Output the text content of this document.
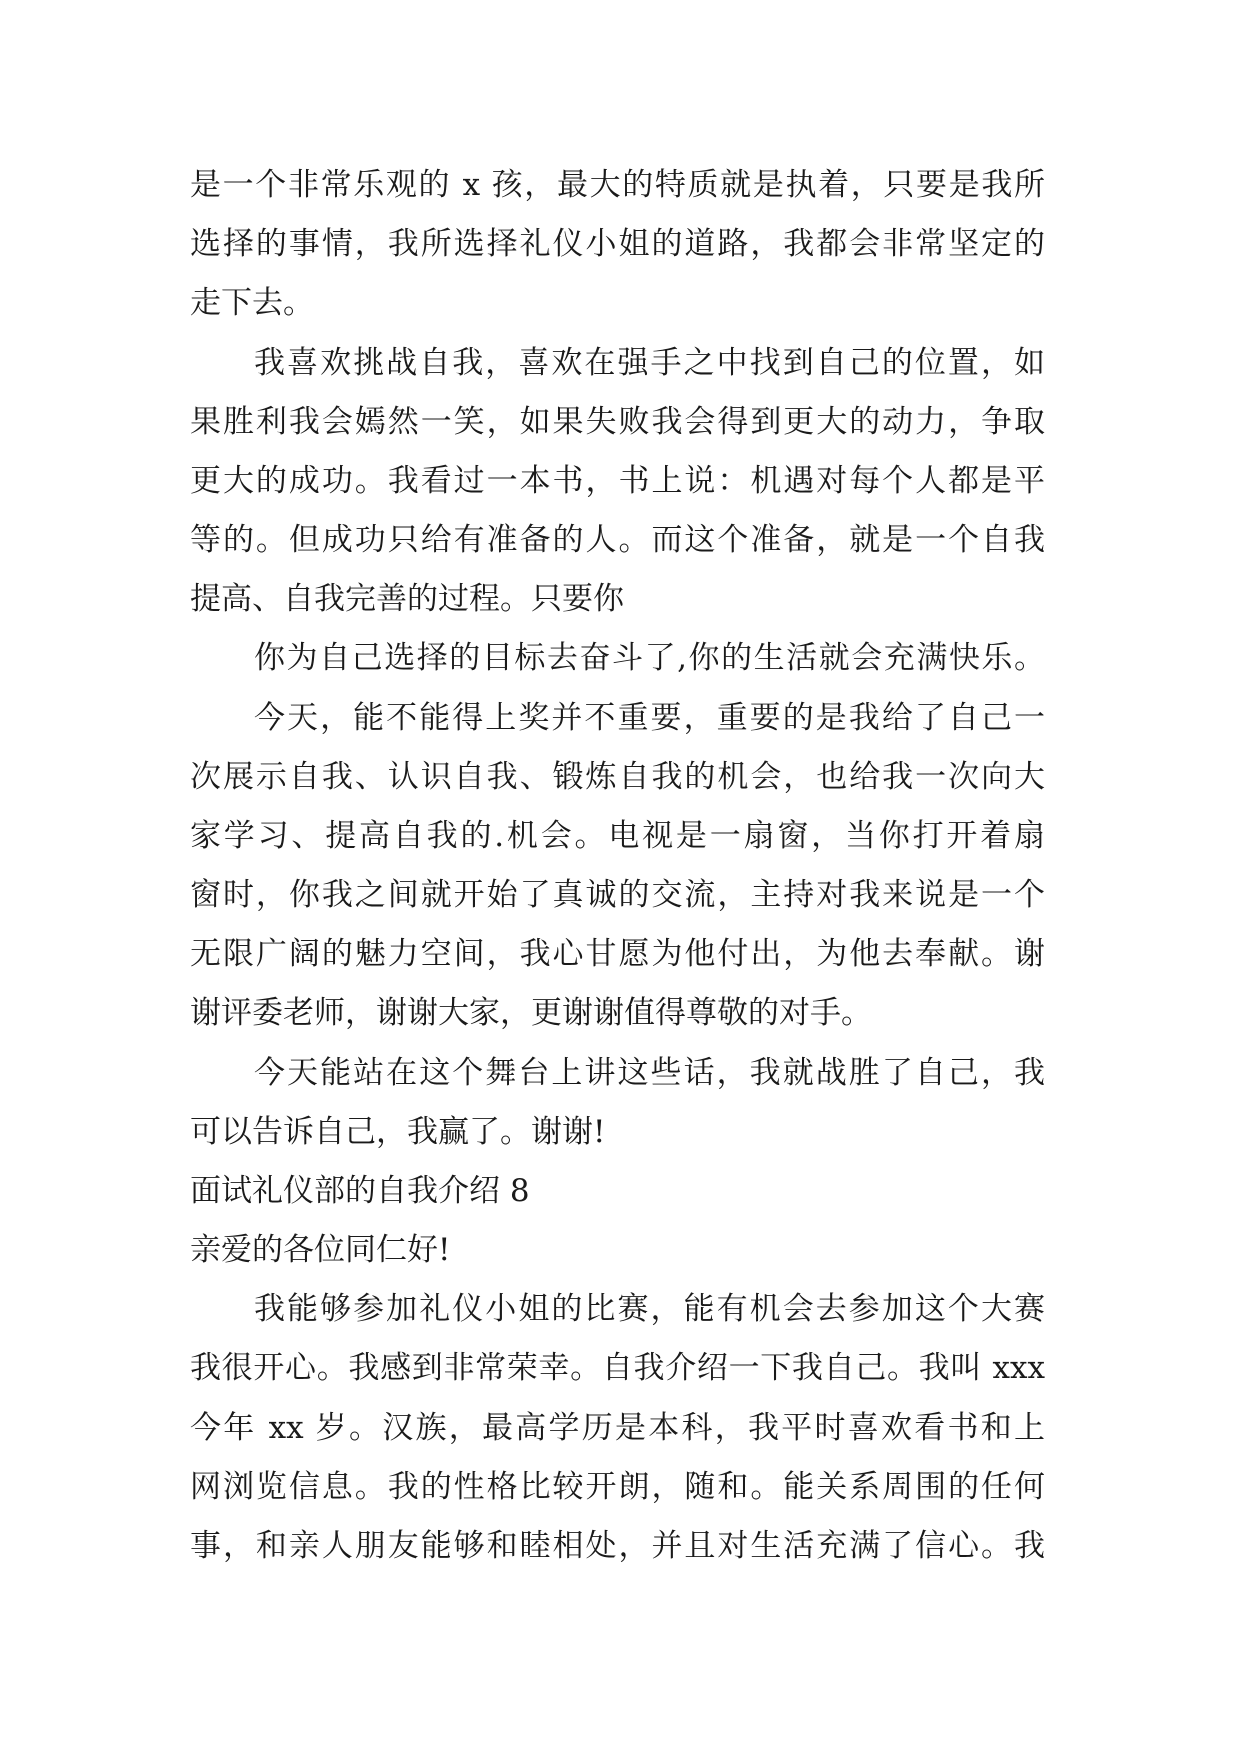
是一个非常乐观的 x 孩，最大的特质就是执着，只要是我所
选择的事情，我所选择礼仪小姐的道路，我都会非常坚定的
走下去。
我喜欢挑战自我，喜欢在强手之中找到自己的位置，如
果胜利我会嫣然一笑，如果失败我会得到更大的动力，争取
更大的成功。我看过一本书，书上说：机遇对每个人都是平
等的。但成功只给有准备的人。而这个准备，就是一个自我
提高、自我完善的过程。只要你
你为自己选择的目标去奋斗了,你的生活就会充满快乐。
今天，能不能得上奖并不重要，重要的是我给了自己一
次展示自我、认识自我、锻炼自我的机会，也给我一次向大
家学习、提高自我的.机会。电视是一扇窗，当你打开着扇
窗时，你我之间就开始了真诚的交流，主持对我来说是一个
无限广阔的魅力空间，我心甘愿为他付出，为他去奉献。谢
谢评委老师，谢谢大家，更谢谢值得尊敬的对手。
今天能站在这个舞台上讲这些话，我就战胜了自己，我
可以告诉自己，我赢了。谢谢!
面试礼仪部的自我介绍 8
亲爱的各位同仁好!
我能够参加礼仪小姐的比赛，能有机会去参加这个大赛
我很开心。我感到非常荣幸。自我介绍一下我自己。我叫 xxx
今年 xx 岁。汉族，最高学历是本科，我平时喜欢看书和上
网浏览信息。我的性格比较开朗，随和。能关系周围的任何
事，和亲人朋友能够和睦相处，并且对生活充满了信心。我
